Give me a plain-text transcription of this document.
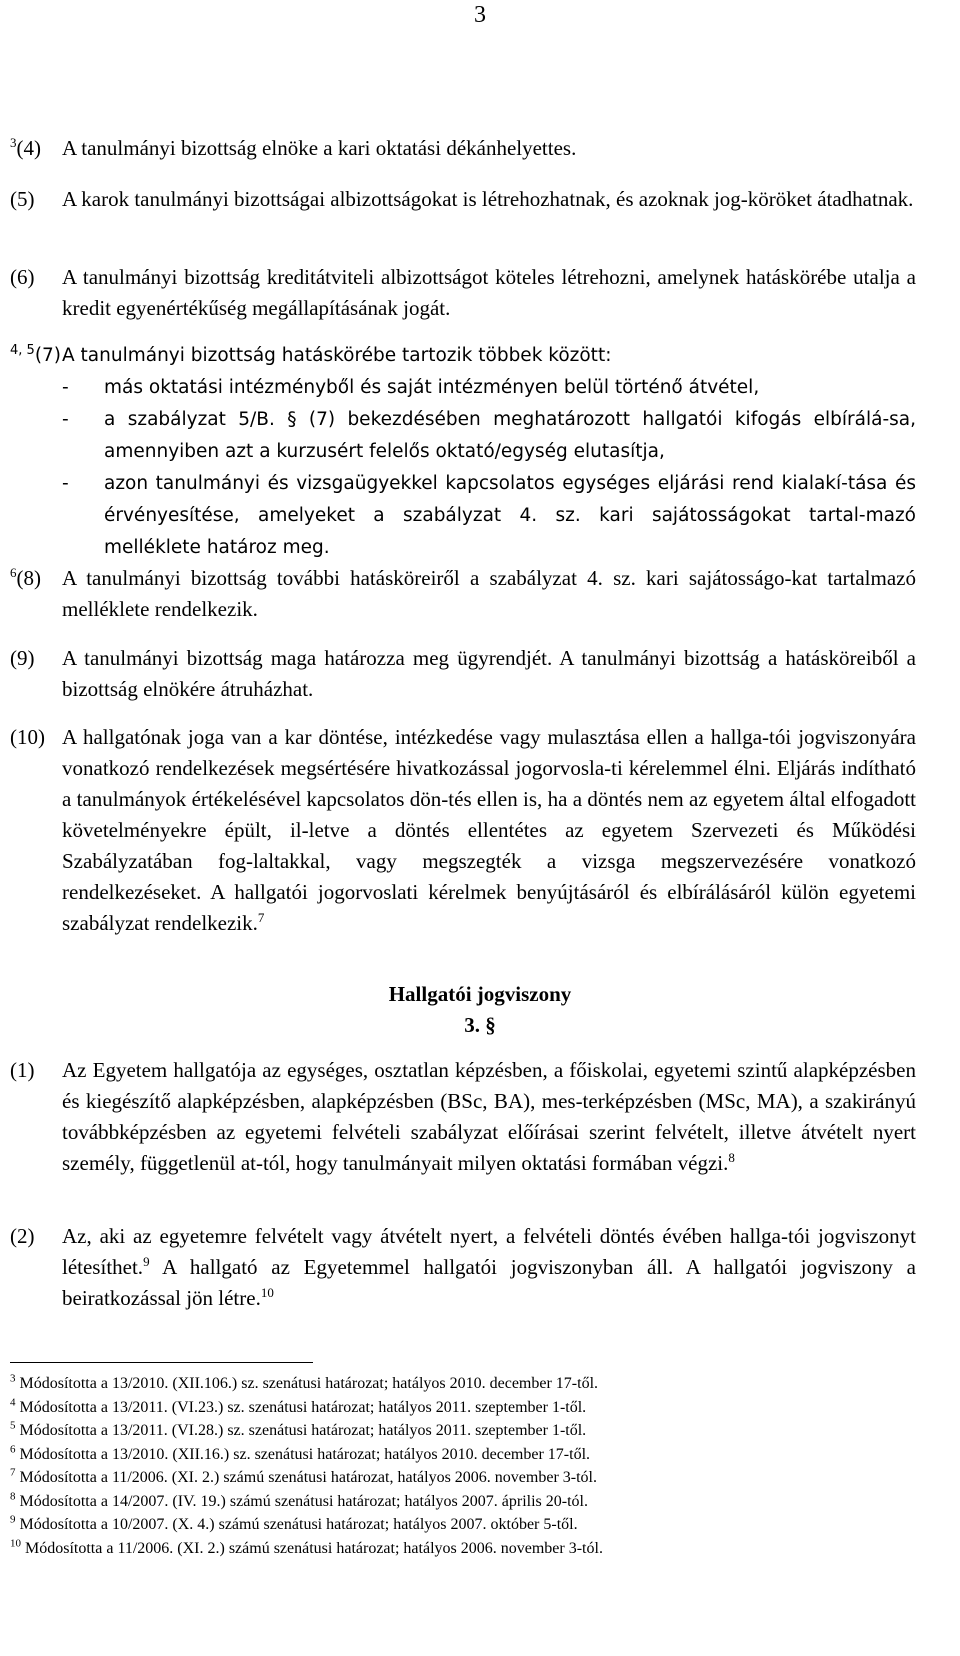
3
$^3$(4) A tanulmányi bizottság elnöke a kari oktatási dékánhelyettes.
(5) A karok tanulmányi bizottságai albizottságokat is létrehozhatnak, és azoknak jog-köröket átadhatnak.
(6) A tanulmányi bizottság kreditátviteli albizottságot köteles létrehozni, amelynek hatáskörébe utalja a kredit egyenértékűség megállapításának jogát.
$^{4, 5}$(7) A tanulmányi bizottság hatáskörébe tartozik többek között:
- más oktatási intézményből és saját intézményen belül történő átvétel,
- a szabályzat 5/B. § (7) bekezdésében meghatározott hallgatói kifogás elbírálá-sa, amennyiben azt a kurzusért felelős oktató/egység elutasítja,
- azon tanulmányi és vizsgaügyekkel kapcsolatos egységes eljárási rend kialakí-tása és érvényesítése, amelyeket a szabályzat 4. sz. kari sajátosságokat tartal-mazó melléklete határoz meg.
$^6$(8) A tanulmányi bizottság további hatásköreiről a szabályzat 4. sz. kari sajátosságo-kat tartalmazó melléklete rendelkezik.
(9) A tanulmányi bizottság maga határozza meg ügyrendjét. A tanulmányi bizottság a hatásköreiből a bizottság elnökére átruházhat.
(10) A hallgatónak joga van a kar döntése, intézkedése vagy mulasztása ellen a hallga-tói jogviszonyára vonatkozó rendelkezések megsértésére hivatkozással jogorvosla-ti kérelemmel élni. Eljárás indítható a tanulmányok értékelésével kapcsolatos dön-tés ellen is, ha a döntés nem az egyetem által elfogadott követelményekre épült, il-letve a döntés ellentétes az egyetem Szervezeti és Működési Szabályzatában fog-laltakkal, vagy megszegték a vizsga megszervezésére vonatkozó rendelkezéseket. A hallgatói jogorvoslati kérelmek benyújtásáról és elbírálásáról külön egyetemi szabályzat rendelkezik.$^7$
Hallgatói jogviszony
3. §
(1) Az Egyetem hallgatója az egységes, osztatlan képzésben, a főiskolai, egyetemi szintű alapképzésben és kiegészítő alapképzésben, alapképzésben (BSc, BA), mes-terképzésben (MSc, MA), a szakirányú továbbképzésben az egyetemi felvételi szabályzat előírásai szerint felvételt, illetve átvételt nyert személy, függetlenül at-tól, hogy tanulmányait milyen oktatási formában végzi.$^8$
(2) Az, aki az egyetemre felvételt vagy átvételt nyert, a felvételi döntés évében hallga-tói jogviszonyt létesíthet.$^9$ A hallgató az Egyetemmel hallgatói jogviszonyban áll. A hallgatói jogviszony a beiratkozással jön létre.$^{10}$
$^3$ Módosította a 13/2010. (XII.106.) sz. szenátusi határozat; hatályos 2010. december 17-től.
$^4$ Módosította a 13/2011. (VI.23.) sz. szenátusi határozat; hatályos 2011. szeptember 1-től.
$^5$ Módosította a 13/2011. (VI.28.) sz. szenátusi határozat; hatályos 2011. szeptember 1-től.
$^6$ Módosította a 13/2010. (XII.16.) sz. szenátusi határozat; hatályos 2010. december 17-től.
$^7$ Módosította a 11/2006. (XI. 2.) számú szenátusi határozat, hatályos 2006. november 3-tól.
$^8$ Módosította a 14/2007. (IV. 19.) számú szenátusi határozat; hatályos 2007. április 20-tól.
$^9$ Módosította a 10/2007. (X. 4.) számú szenátusi határozat; hatályos 2007. október 5-től.
$^{10}$ Módosította a 11/2006. (XI. 2.) számú szenátusi határozat; hatályos 2006. november 3-tól.
